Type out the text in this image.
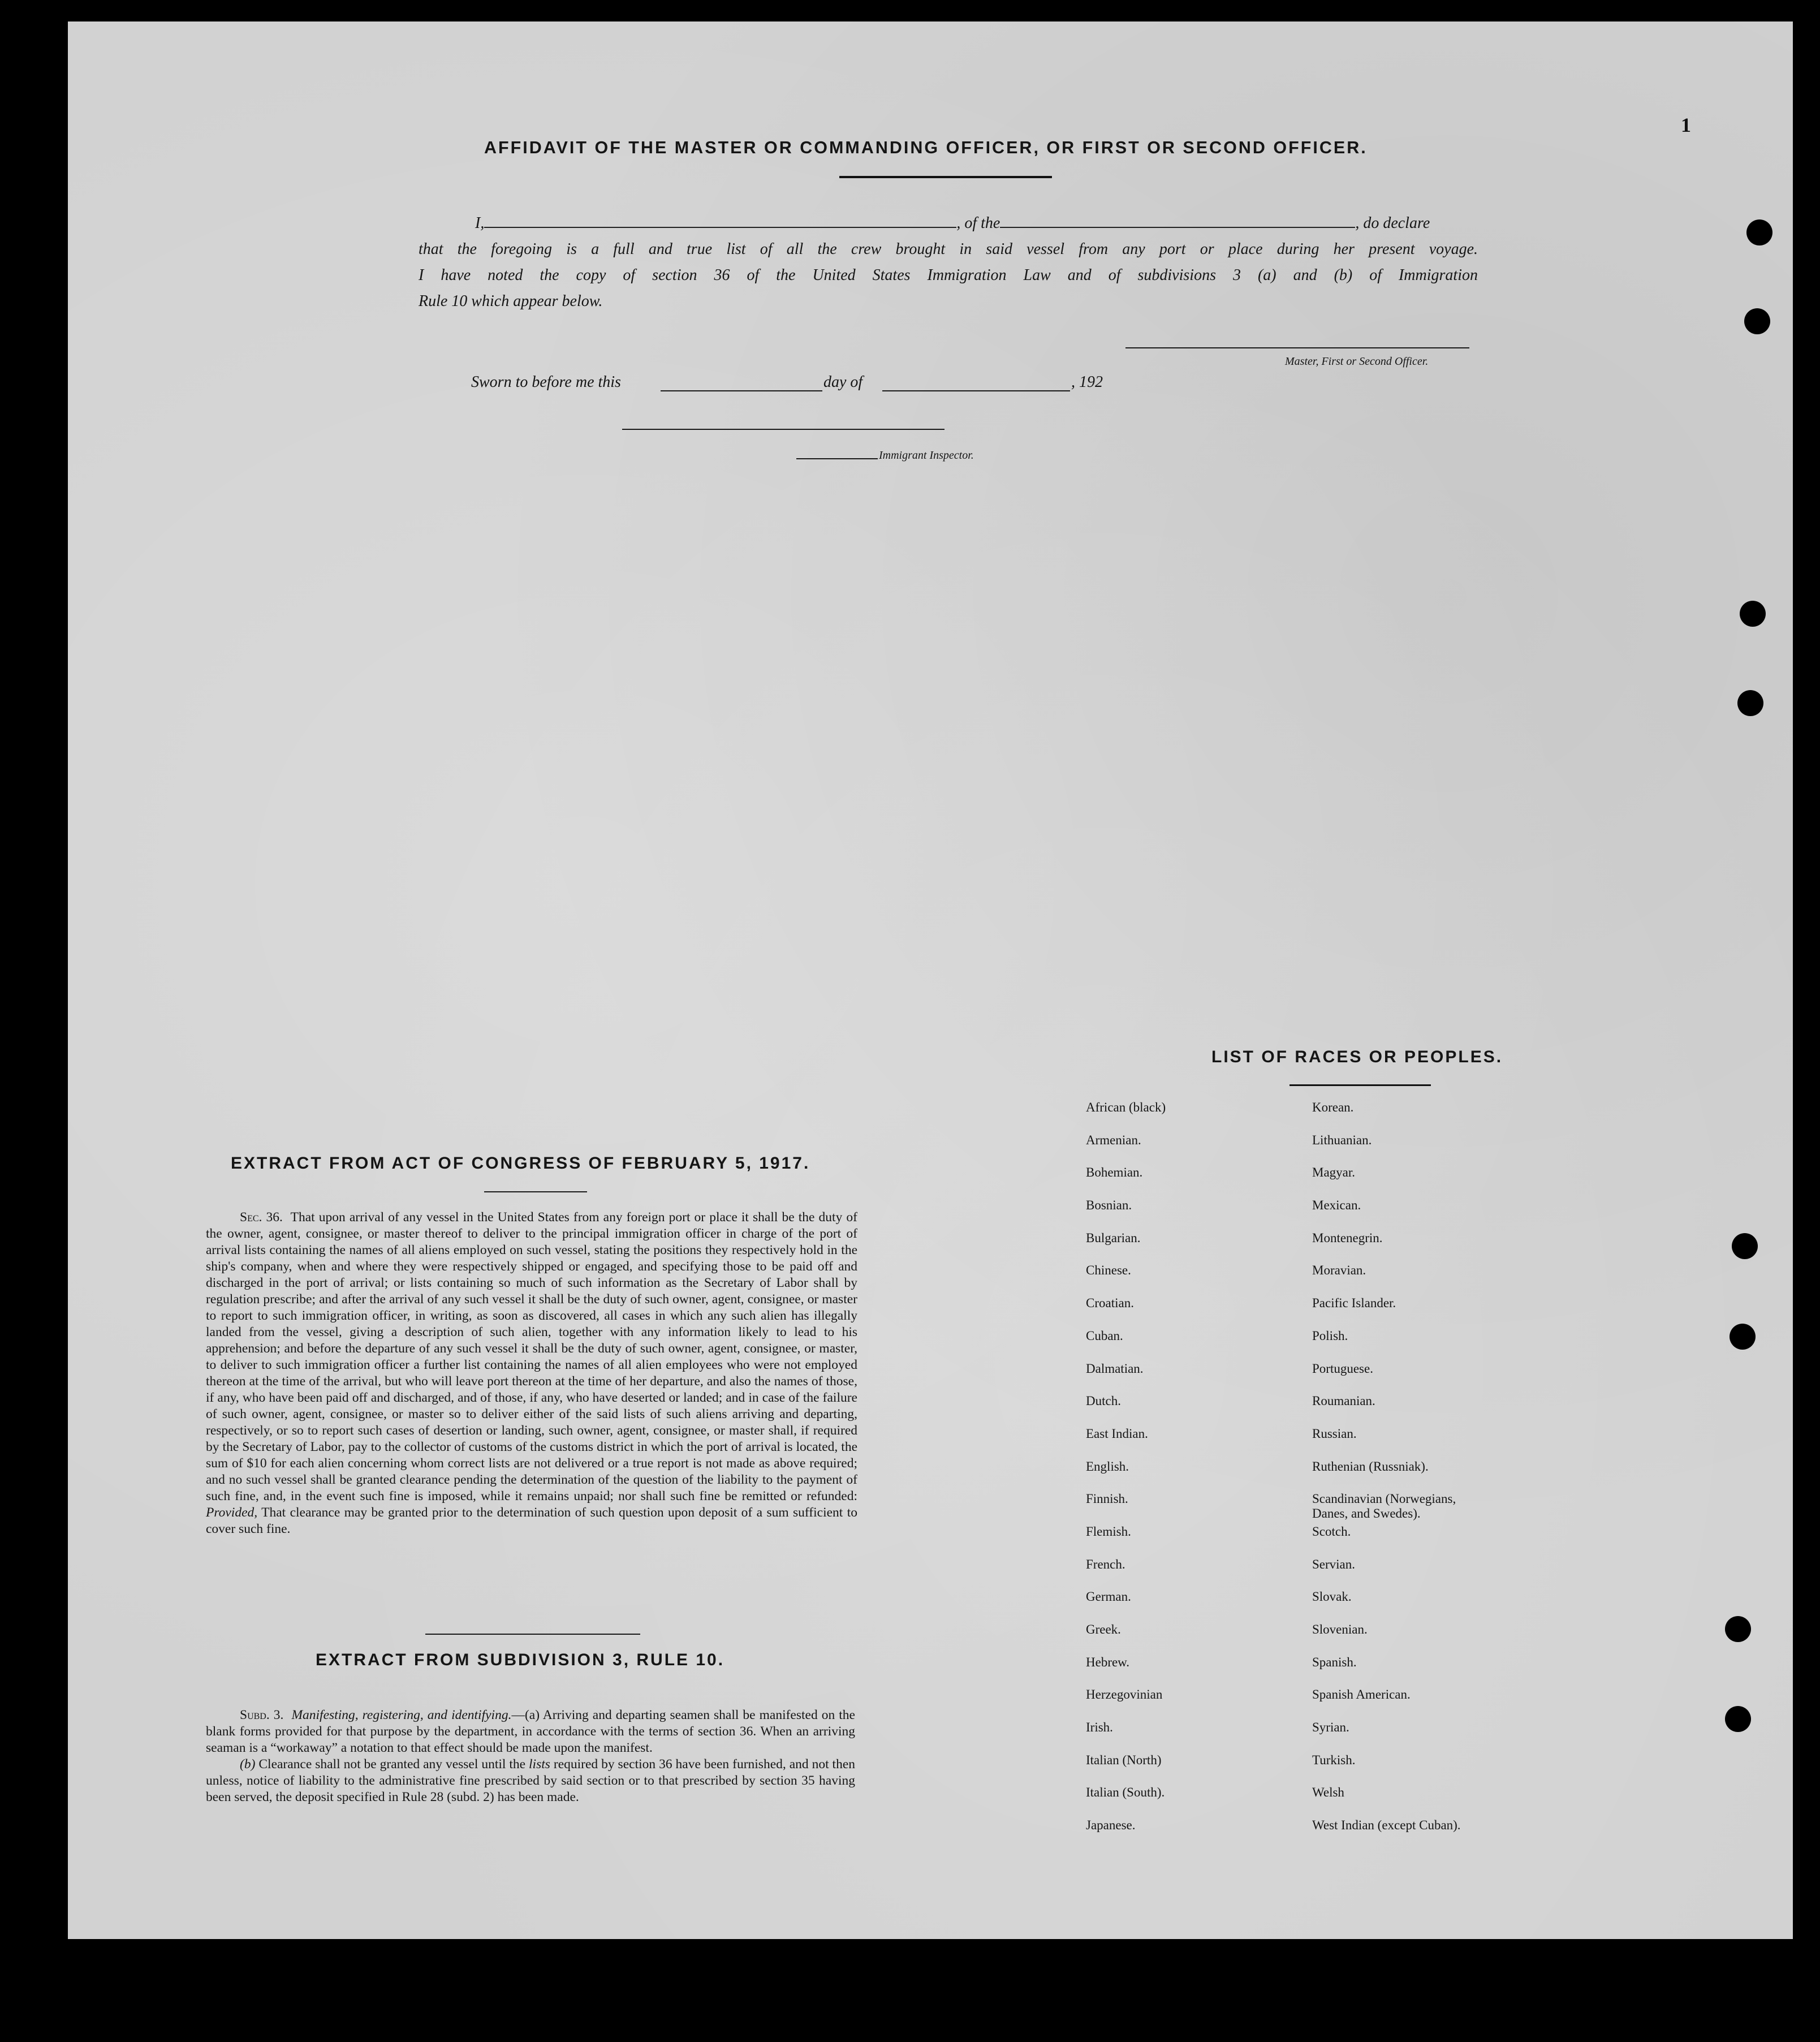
1
AFFIDAVIT OF THE MASTER OR COMMANDING OFFICER, OR FIRST OR SECOND OFFICER.
I,	, of the	, do declare
that the foregoing is a full and true list of all the crew brought in said vessel from any port or place during her present voyage.
I have noted the copy of section 36 of the United States Immigration Law and of subdivisions 3 (a) and (b) of Immigration
Rule 10 which appear below.
Master, First or Second Officer.
Sworn to before me this	day of	, 192
Immigrant Inspector.
EXTRACT FROM ACT OF CONGRESS OF FEBRUARY 5, 1917.

Sec. 36. That upon arrival of any vessel in the United States from any foreign port or place it shall be the duty of the owner, agent, consignee, or master thereof to deliver to the principal immigration officer in charge of the port of arrival lists containing the names of all aliens employed on such vessel, stating the positions they respectively hold in the ship's company, when and where they were respectively shipped or engaged, and specifying those to be paid off and discharged in the port of arrival; or lists containing so much of such information as the Secretary of Labor shall by regulation prescribe; and after the arrival of any such vessel it shall be the duty of such owner, agent, consignee, or master to report to such immigration officer, in writing, as soon as discovered, all cases in which any such alien has illegally landed from the vessel, giving a description of such alien, together with any information likely to lead to his apprehension; and before the departure of any such vessel it shall be the duty of such owner, agent, consignee, or master, to deliver to such immigration officer a further list containing the names of all alien employees who were not employed thereon at the time of the arrival, but who will leave port thereon at the time of her departure, and also the names of those, if any, who have been paid off and discharged, and of those, if any, who have deserted or landed; and in case of the failure of such owner, agent, consignee, or master so to deliver either of the said lists of such aliens arriving and departing, respectively, or so to report such cases of desertion or landing, such owner, agent, consignee, or master shall, if required by the Secretary of Labor, pay to the collector of customs of the customs district in which the port of arrival is located, the sum of $10 for each alien concerning whom correct lists are not delivered or a true report is not made as above required; and no such vessel shall be granted clearance pending the determination of the question of the liability to the payment of such fine, and, in the event such fine is imposed, while it remains unpaid; nor shall such fine be remitted or refunded: Provided, That clearance may be granted prior to the determination of such question upon deposit of a sum sufficient to cover such fine.

EXTRACT FROM SUBDIVISION 3, RULE 10.

Subd. 3. Manifesting, registering, and identifying.—(a) Arriving and departing seamen shall be manifested on the blank forms provided for that purpose by the department, in accordance with the terms of section 36. When an arriving seaman is a “workaway” a notation to that effect should be made upon the manifest.

(b) Clearance shall not be granted any vessel until the lists required by section 36 have been furnished, and not then unless, notice of liability to the administrative fine prescribed by said section or to that prescribed by section 35 having been served, the deposit specified in Rule 28 (subd. 2) has been made.

LIST OF RACES OR PEOPLES.
African (black)	Korean.
Armenian.	Lithuanian.
Bohemian.	Magyar.
Bosnian.	Mexican.
Bulgarian.	Montenegrin.
Chinese.	Moravian.
Croatian.	Pacific Islander.
Cuban.	Polish.
Dalmatian.	Portuguese.
Dutch.	Roumanian.
East Indian.	Russian.
English.	Ruthenian (Russniak).
Finnish.	Scandinavian (Norwegians,
Danes, and Swedes).
Flemish.	Scotch.
French.	Servian.
German.	Slovak.
Greek.	Slovenian.
Hebrew.	Spanish.
Herzegovinian	Spanish American.
Irish.	Syrian.
Italian (North)	Turkish.
Italian (South).	Welsh
Japanese.	West Indian (except Cuban).
